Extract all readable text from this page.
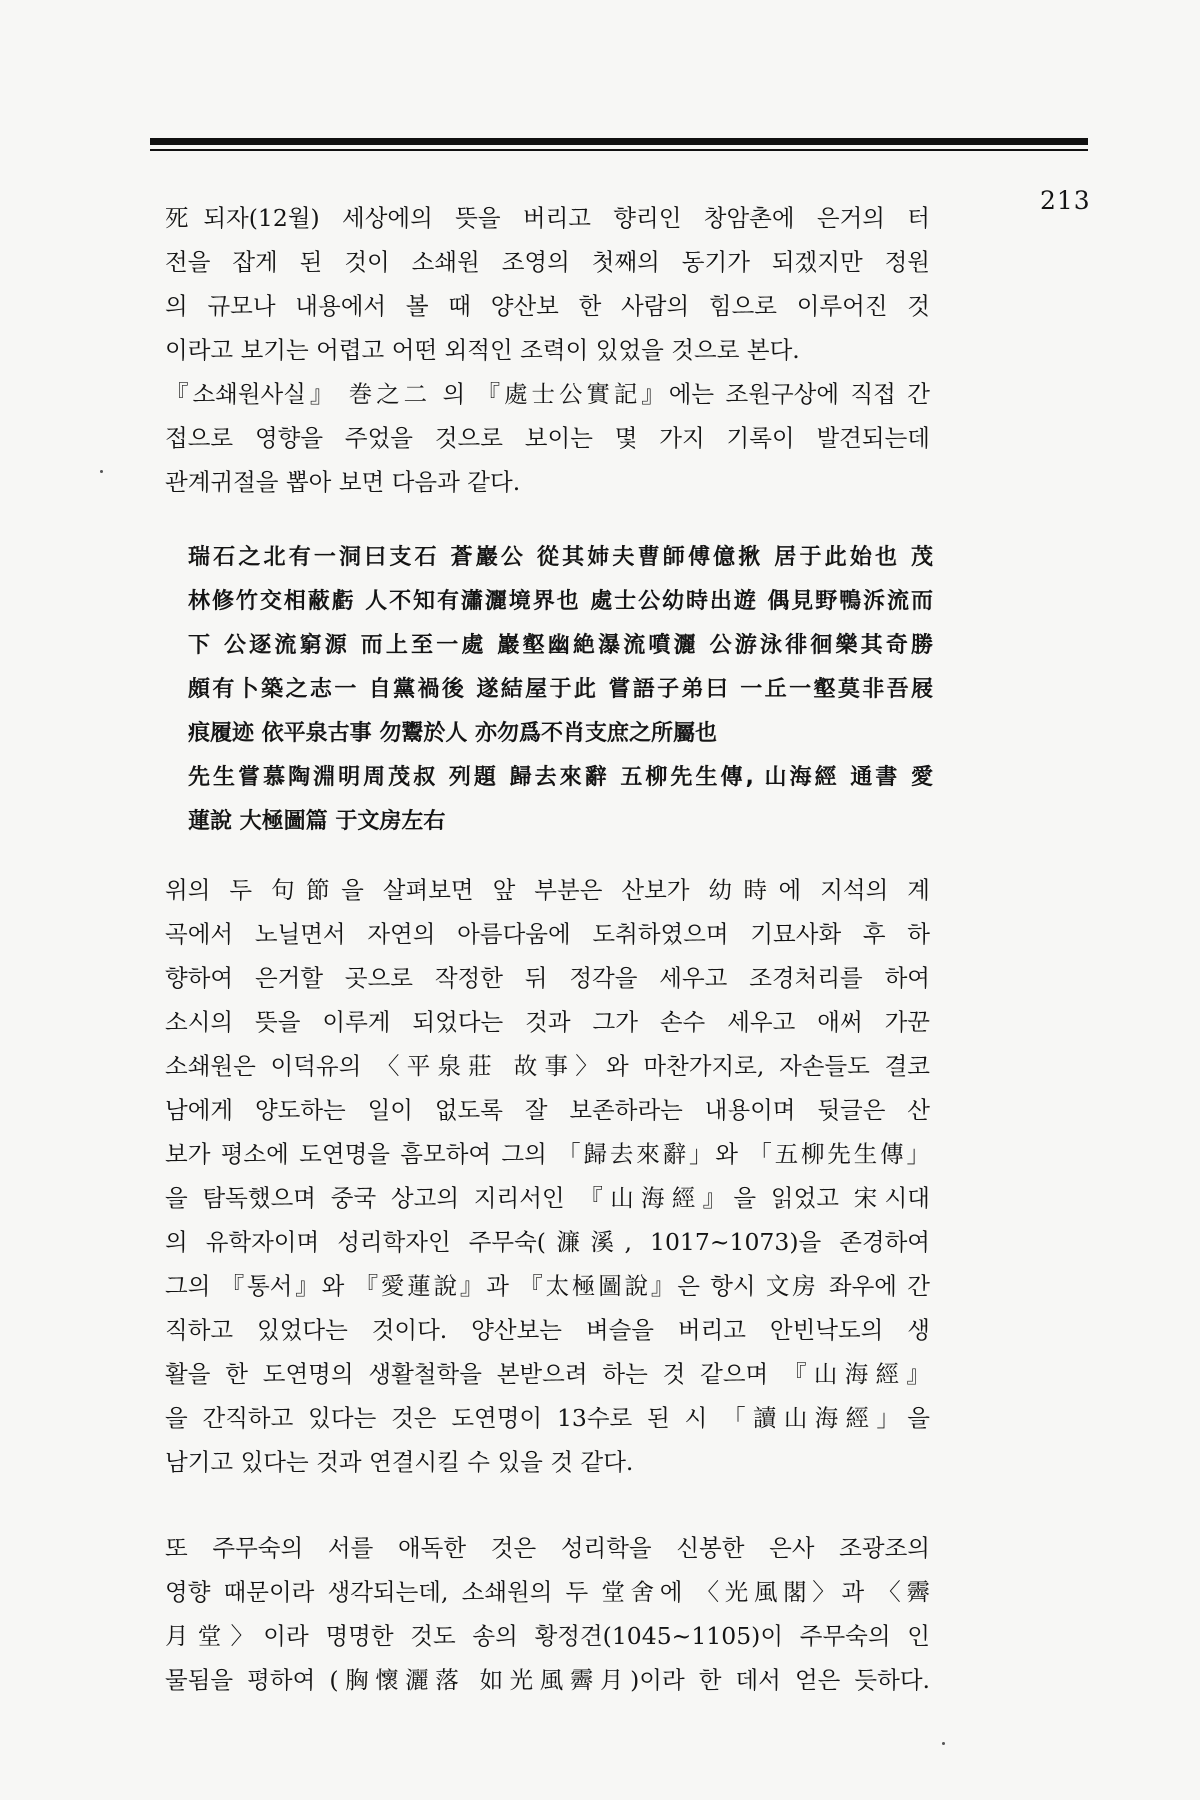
213
死되자(12월) 세상에의 뜻을 버리고 향리인 창암촌에 은거의 터
전을 잡게 된 것이 소쇄원 조영의 첫째의 동기가 되겠지만 정원
의 규모나 내용에서 볼 때 양산보 한 사람의 힘으로 이루어진 것
이라고 보기는 어렵고 어떤 외적인 조력이 있었을 것으로 본다.
『소쇄원사실』 巻之二 의 『處士公實記』에는 조원구상에 직접 간
접으로 영향을 주었을 것으로 보이는 몇 가지 기록이 발견되는데
관계귀절을 뽑아 보면 다음과 같다.
瑞石之北有一洞曰支石 蒼巖公 從其姉夫曹師傅億揪 居于此始也 茂
林修竹交相蔽虧 人不知有瀟灑境界也 處士公幼時出遊 偶見野鴨泝流而
下 公逐流窮源 而上至一處 巖壑幽絶瀑流噴灑 公游泳徘徊樂其奇勝
頗有卜築之志一 自黨禍後 遂結屋于此 嘗語子弟曰 一丘一壑莫非吾屐
痕履迹 依平泉古事 勿鬻於人 亦勿爲不肖支庶之所屬也
先生嘗慕陶淵明周茂叔 列題 歸去來辭 五柳先生傳, 山海經 通書 愛
蓮說 大極圖篇 于文房左右
위의 두 句節을 살펴보면 앞 부분은 산보가 幼時에 지석의 계
곡에서 노닐면서 자연의 아름다움에 도취하였으며 기묘사화 후 하
향하여 은거할 곳으로 작정한 뒤 정각을 세우고 조경처리를 하여
소시의 뜻을 이루게 되었다는 것과 그가 손수 세우고 애써 가꾼
소쇄원은 이덕유의 〈平泉莊 故事〉와 마찬가지로, 자손들도 결코
남에게 양도하는 일이 없도록 잘 보존하라는 내용이며 뒷글은 산
보가 평소에 도연명을 흠모하여 그의 「歸去來辭」와 「五柳先生傳」
을 탐독했으며 중국 상고의 지리서인 『山海經』을 읽었고 宋시대
의 유학자이며 성리학자인 주무숙(濂溪, 1017~1073)을 존경하여
그의 『통서』와 『愛蓮說』과 『太極圖說』은 항시 文房 좌우에 간
직하고 있었다는 것이다. 양산보는 벼슬을 버리고 안빈낙도의 생
활을 한 도연명의 생활철학을 본받으려 하는 것 같으며 『山海經』
을 간직하고 있다는 것은 도연명이 13수로 된 시 「讀山海經」을
남기고 있다는 것과 연결시킬 수 있을 것 같다.
또 주무숙의 서를 애독한 것은 성리학을 신봉한 은사 조광조의
영향 때문이라 생각되는데, 소쇄원의 두 堂舍에 〈光風閣〉과 〈霽
月堂〉이라 명명한 것도 송의 황정견(1045~1105)이 주무숙의 인
물됨을 평하여 (胸懷灑落 如光風霽月)이라 한 데서 얻은 듯하다.
